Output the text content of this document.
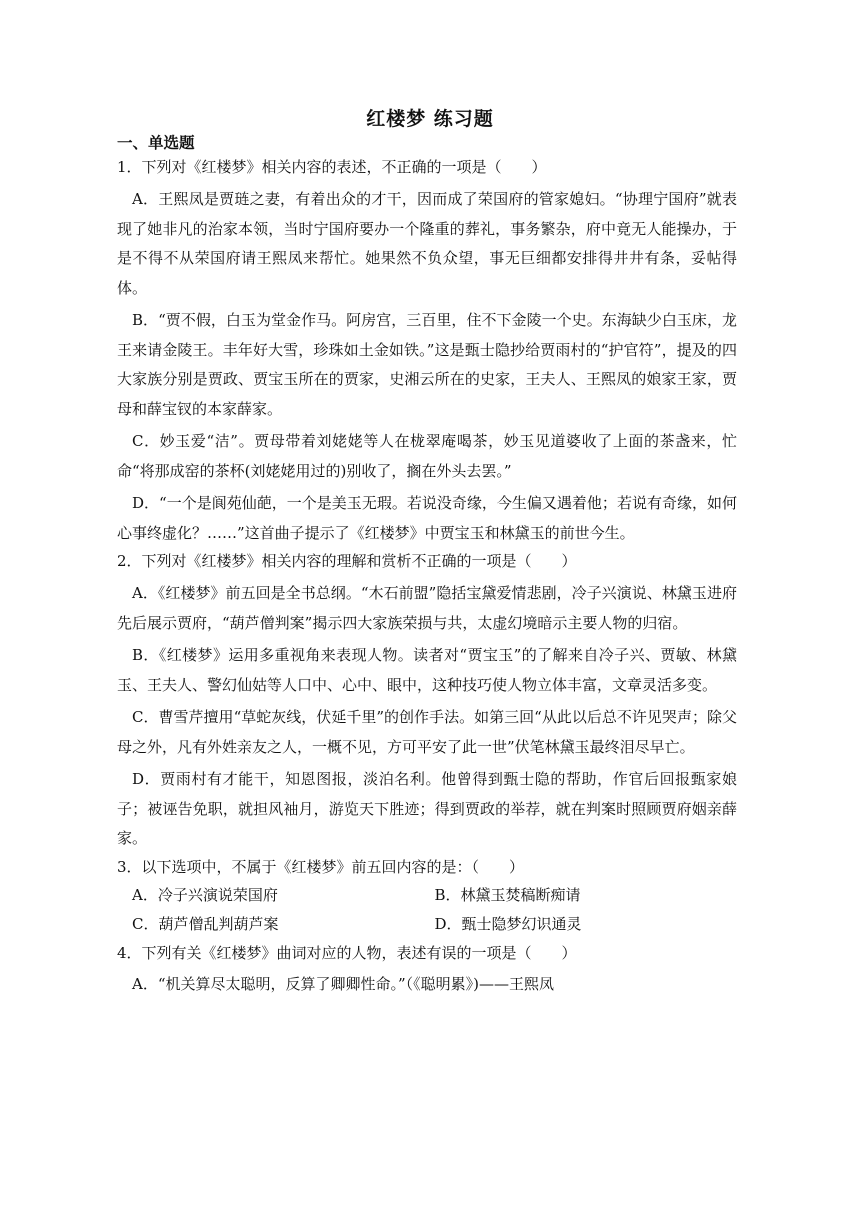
红楼梦 练习题
一、单选题
1．下列对《红楼梦》相关内容的表述，不正确的一项是（　　）
A．王熙凤是贾琏之妻，有着出众的才干，因而成了荣国府的管家媳妇。“协理宁国府”就表现了她非凡的治家本领，当时宁国府要办一个隆重的葬礼，事务繁杂，府中竟无人能操办，于是不得不从荣国府请王熙凤来帮忙。她果然不负众望，事无巨细都安排得井井有条，妥帖得体。
B．“贾不假，白玉为堂金作马。阿房宫，三百里，住不下金陵一个史。东海缺少白玉床，龙王来请金陵王。丰年好大雪，珍珠如土金如铁。”这是甄士隐抄给贾雨村的“护官符”，提及的四大家族分别是贾政、贾宝玉所在的贾家，史湘云所在的史家，王夫人、王熙凤的娘家王家，贾母和薛宝钗的本家薛家。
C．妙玉爱“洁”。贾母带着刘姥姥等人在栊翠庵喝茶，妙玉见道婆收了上面的茶盏来，忙命“将那成窑的茶杯(刘姥姥用过的)别收了，搁在外头去罢。”
D．“一个是阆苑仙葩，一个是美玉无瑕。若说没奇缘，今生偏又遇着他；若说有奇缘，如何心事终虚化？……”这首曲子提示了《红楼梦》中贾宝玉和林黛玉的前世今生。
2．下列对《红楼梦》相关内容的理解和赏析不正确的一项是（　　）
A．《红楼梦》前五回是全书总纲。“木石前盟”隐括宝黛爱情悲剧，冷子兴演说、林黛玉进府先后展示贾府，“葫芦僧判案”揭示四大家族荣损与共，太虚幻境暗示主要人物的归宿。
B．《红楼梦》运用多重视角来表现人物。读者对“贾宝玉”的了解来自冷子兴、贾敏、林黛玉、王夫人、警幻仙姑等人口中、心中、眼中，这种技巧使人物立体丰富，文章灵活多变。
C．曹雪芹擅用“草蛇灰线，伏延千里”的创作手法。如第三回“从此以后总不许见哭声；除父母之外，凡有外姓亲友之人，一概不见，方可平安了此一世”伏笔林黛玉最终泪尽早亡。
D．贾雨村有才能干，知恩图报，淡泊名利。他曾得到甄士隐的帮助，作官后回报甄家娘子；被诬告免职，就担风袖月，游览天下胜迹；得到贾政的举荐，就在判案时照顾贾府姻亲薛家。
3．以下选项中，不属于《红楼梦》前五回内容的是：（　　）
A．冷子兴演说荣国府	B．林黛玉焚稿断痴请
C．葫芦僧乱判葫芦案	D．甄士隐梦幻识通灵
4．下列有关《红楼梦》曲词对应的人物，表述有误的一项是（　　）
A．“机关算尽太聪明，反算了卿卿性命。”（《聪明累》)——王熙凤
